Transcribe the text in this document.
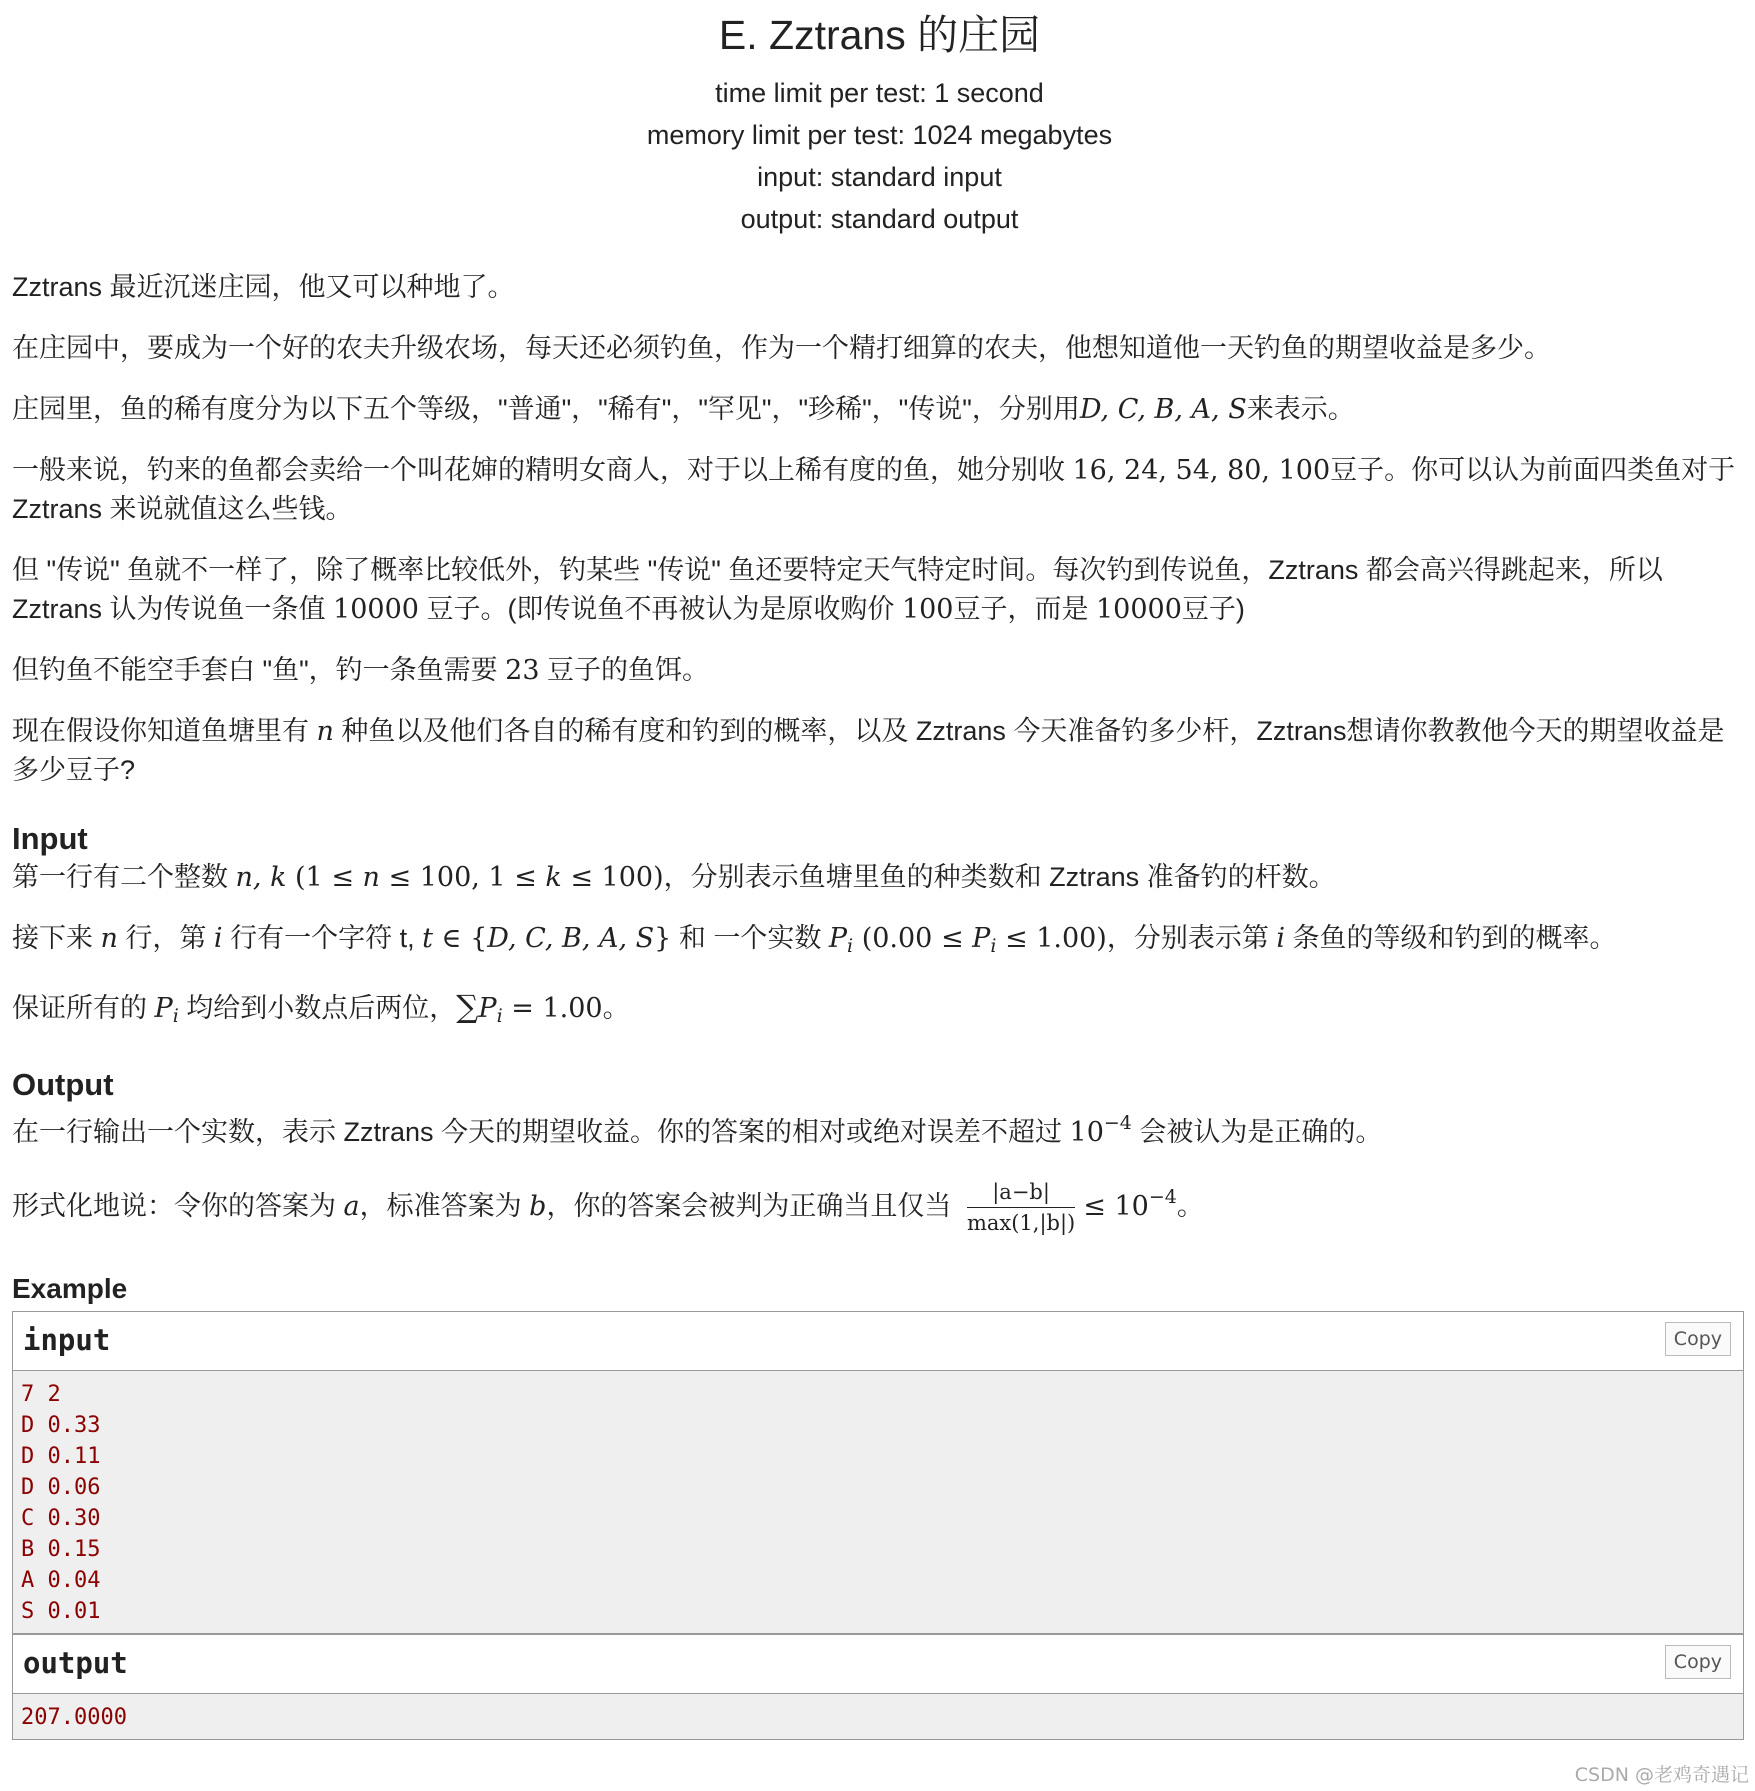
E. Zztrans 的庄园
time limit per test: 1 second
memory limit per test: 1024 megabytes
input: standard input
output: standard output

Zztrans 最近沉迷庄园，他又可以种地了。

在庄园中，要成为一个好的农夫升级农场，每天还必须钓鱼，作为一个精打细算的农夫，他想知道他一天钓鱼的期望收益是多少。

庄园里，鱼的稀有度分为以下五个等级，"普通"，"稀有"，"罕见"，"珍稀"，"传说"，分别用D, C, B, A, S来表示。

一般来说，钓来的鱼都会卖给一个叫花婶的精明女商人，对于以上稀有度的鱼，她分别收 16, 24, 54, 80, 100豆子。你可以认为前面四类鱼对于 Zztrans 来说就值这么些钱。

但 "传说" 鱼就不一样了，除了概率比较低外，钓某些 "传说" 鱼还要特定天气特定时间。每次钓到传说鱼，Zztrans 都会高兴得跳起来，所以 Zztrans 认为传说鱼一条值 10000 豆子。(即传说鱼不再被认为是原收购价 100豆子，而是 10000豆子)

但钓鱼不能空手套白 "鱼"，钓一条鱼需要 23 豆子的鱼饵。

现在假设你知道鱼塘里有 n 种鱼以及他们各自的稀有度和钓到的概率，以及 Zztrans 今天准备钓多少杆，Zztrans想请你教教他今天的期望收益是多少豆子?

Input

第一行有二个整数 n, k (1 ≤ n ≤ 100, 1 ≤ k ≤ 100)，分别表示鱼塘里鱼的种类数和 Zztrans 准备钓的杆数。

接下来 n 行，第 i 行有一个字符 t, t ∈ {D, C, B, A, S} 和 一个实数 $P_i$ $(0.00 \le P_i \le 1.00)$，分别表示第 i 条鱼的等级和钓到的概率。

保证所有的 $P_i$ 均给到小数点后两位，$\sum P_i = 1.00$。

Output

在一行输出一个实数，表示 Zztrans 今天的期望收益。你的答案的相对或绝对误差不超过 $10^{-4}$ 会被认为是正确的。

形式化地说：令你的答案为 a，标准答案为 b，你的答案会被判为正确当且仅当 $\frac{|a-b|}{\max(1,|b|)} \le 10^{-4}$。

Example
input	Copy
7 2
D 0.33
D 0.11
D 0.06
C 0.30
B 0.15
A 0.04
S 0.01
output	Copy
207.0000
CSDN @老鸡奇遇记
